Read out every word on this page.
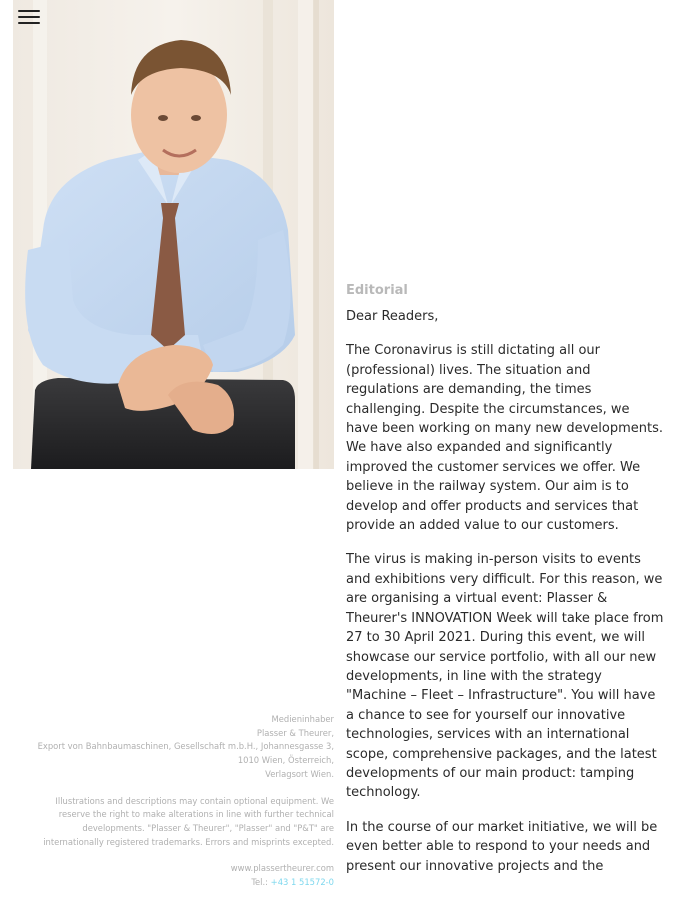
Editorial

Dear Readers,

The Coronavirus is still dictating all our (professional) lives. The situation and regulations are demanding, the times challenging. Despite the circumstances, we have been working on many new developments. We have also expanded and significantly improved the customer services we offer. We believe in the railway system. Our aim is to develop and offer products and services that provide an added value to our customers.

The virus is making in-person visits to events and exhibitions very difficult. For this reason, we are organising a virtual event: Plasser & Theurer's INNOVATION Week will take place from 27 to 30 April 2021. During this event, we will showcase our service portfolio, with all our new developments, in line with the strategy "Machine – Fleet – Infrastructure". You will have a chance to see for yourself our innovative technologies, services with an international scope, comprehensive packages, and the latest developments of our main product: tamping technology.

In the course of our market initiative, we will be even better able to respond to your needs and present our innovative projects and the

Medieninhaber

Plasser & Theurer,

Export von Bahnbaumaschinen, Gesellschaft m.b.H., Johannesgasse 3,

1010 Wien, Österreich,

Verlagsort Wien.

Illustrations and descriptions may contain optional equipment. We

reserve the right to make alterations in line with further technical

developments. "Plasser & Theurer", "Plasser" and "P&T" are

internationally registered trademarks. Errors and misprints excepted.

www.plassertheurer.com

Tel.: +43 1 51572-0
